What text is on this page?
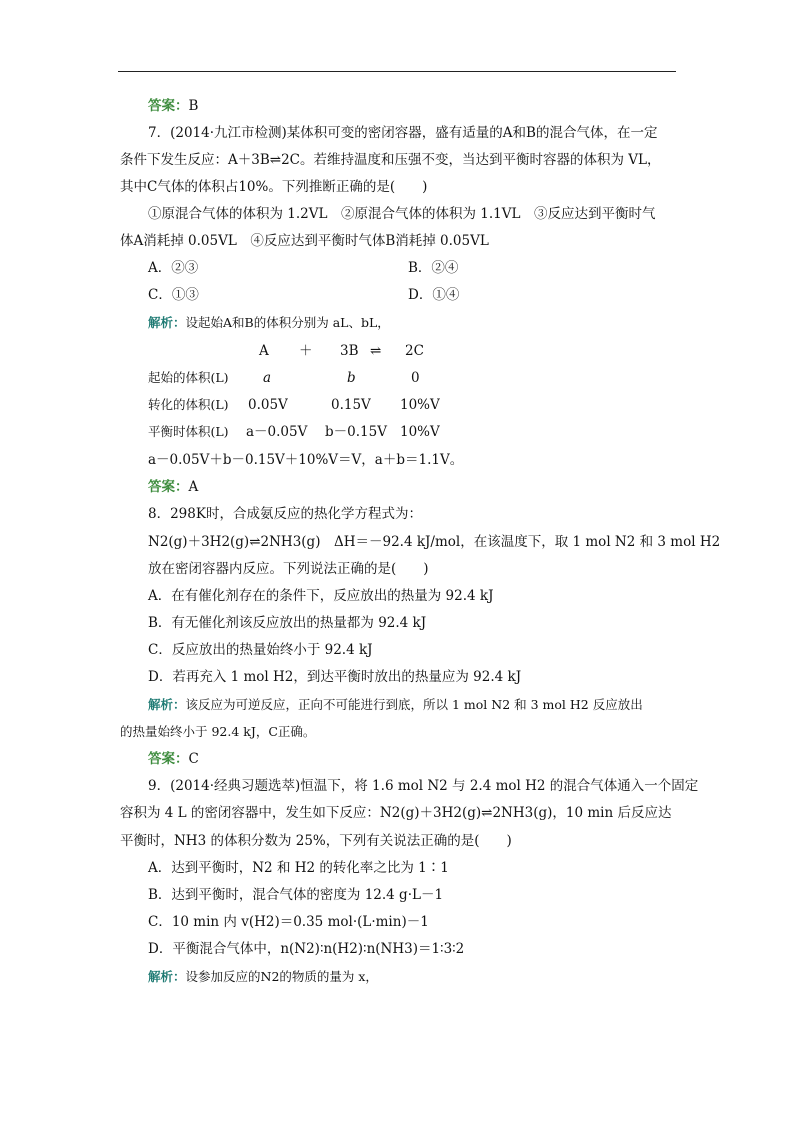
答案：B
7．(2014·九江市检测)某体积可变的密闭容器，盛有适量的A和B的混合气体，在一定
条件下发生反应：A＋3B⇌2C。若维持温度和压强不变，当达到平衡时容器的体积为 VL，
其中C气体的体积占10%。下列推断正确的是(　　)
①原混合气体的体积为 1.2VL　②原混合气体的体积为 1.1VL　③反应达到平衡时气
体A消耗掉 0.05VL　④反应达到平衡时气体B消耗掉 0.05VL
A．②③	B．②④
C．①③	D．①④
解析：设起始A和B的体积分别为 aL、bL，
A ＋ 3B ⇌ 2C
起始的体积(L)	a	b	0
转化的体积(L) 0.05V	0.15V 10%V
平衡时体积(L) a－0.05V b－0.15V 10%V
a－0.05V＋b－0.15V＋10%V＝V，a＋b＝1.1V。
答案：A
8．298K时，合成氨反应的热化学方程式为：
N2(g)＋3H2(g)⇌2NH3(g)　ΔH＝－92.4 kJ/mol，在该温度下，取 1 mol N2 和 3 mol H2
放在密闭容器内反应。下列说法正确的是(　　)
A．在有催化剂存在的条件下，反应放出的热量为 92.4 kJ
B．有无催化剂该反应放出的热量都为 92.4 kJ
C．反应放出的热量始终小于 92.4 kJ
D．若再充入 1 mol H2，到达平衡时放出的热量应为 92.4 kJ
解析：该反应为可逆反应，正向不可能进行到底，所以 1 mol N2 和 3 mol H2 反应放出
的热量始终小于 92.4 kJ，C正确。
答案：C
9．(2014·经典习题选萃)恒温下，将 1.6 mol N2 与 2.4 mol H2 的混合气体通入一个固定
容积为 4 L 的密闭容器中，发生如下反应：N2(g)＋3H2(g)⇌2NH3(g)，10 min 后反应达
平衡时，NH3 的体积分数为 25%，下列有关说法正确的是(　　)
A．达到平衡时，N2 和 H2 的转化率之比为 1∶1
B．达到平衡时，混合气体的密度为 12.4 g·L－1
C．10 min 内 v(H2)＝0.35 mol·(L·min)－1
D．平衡混合气体中，n(N2)∶n(H2)∶n(NH3)＝1∶3∶2
解析：设参加反应的N2的物质的量为 x，
